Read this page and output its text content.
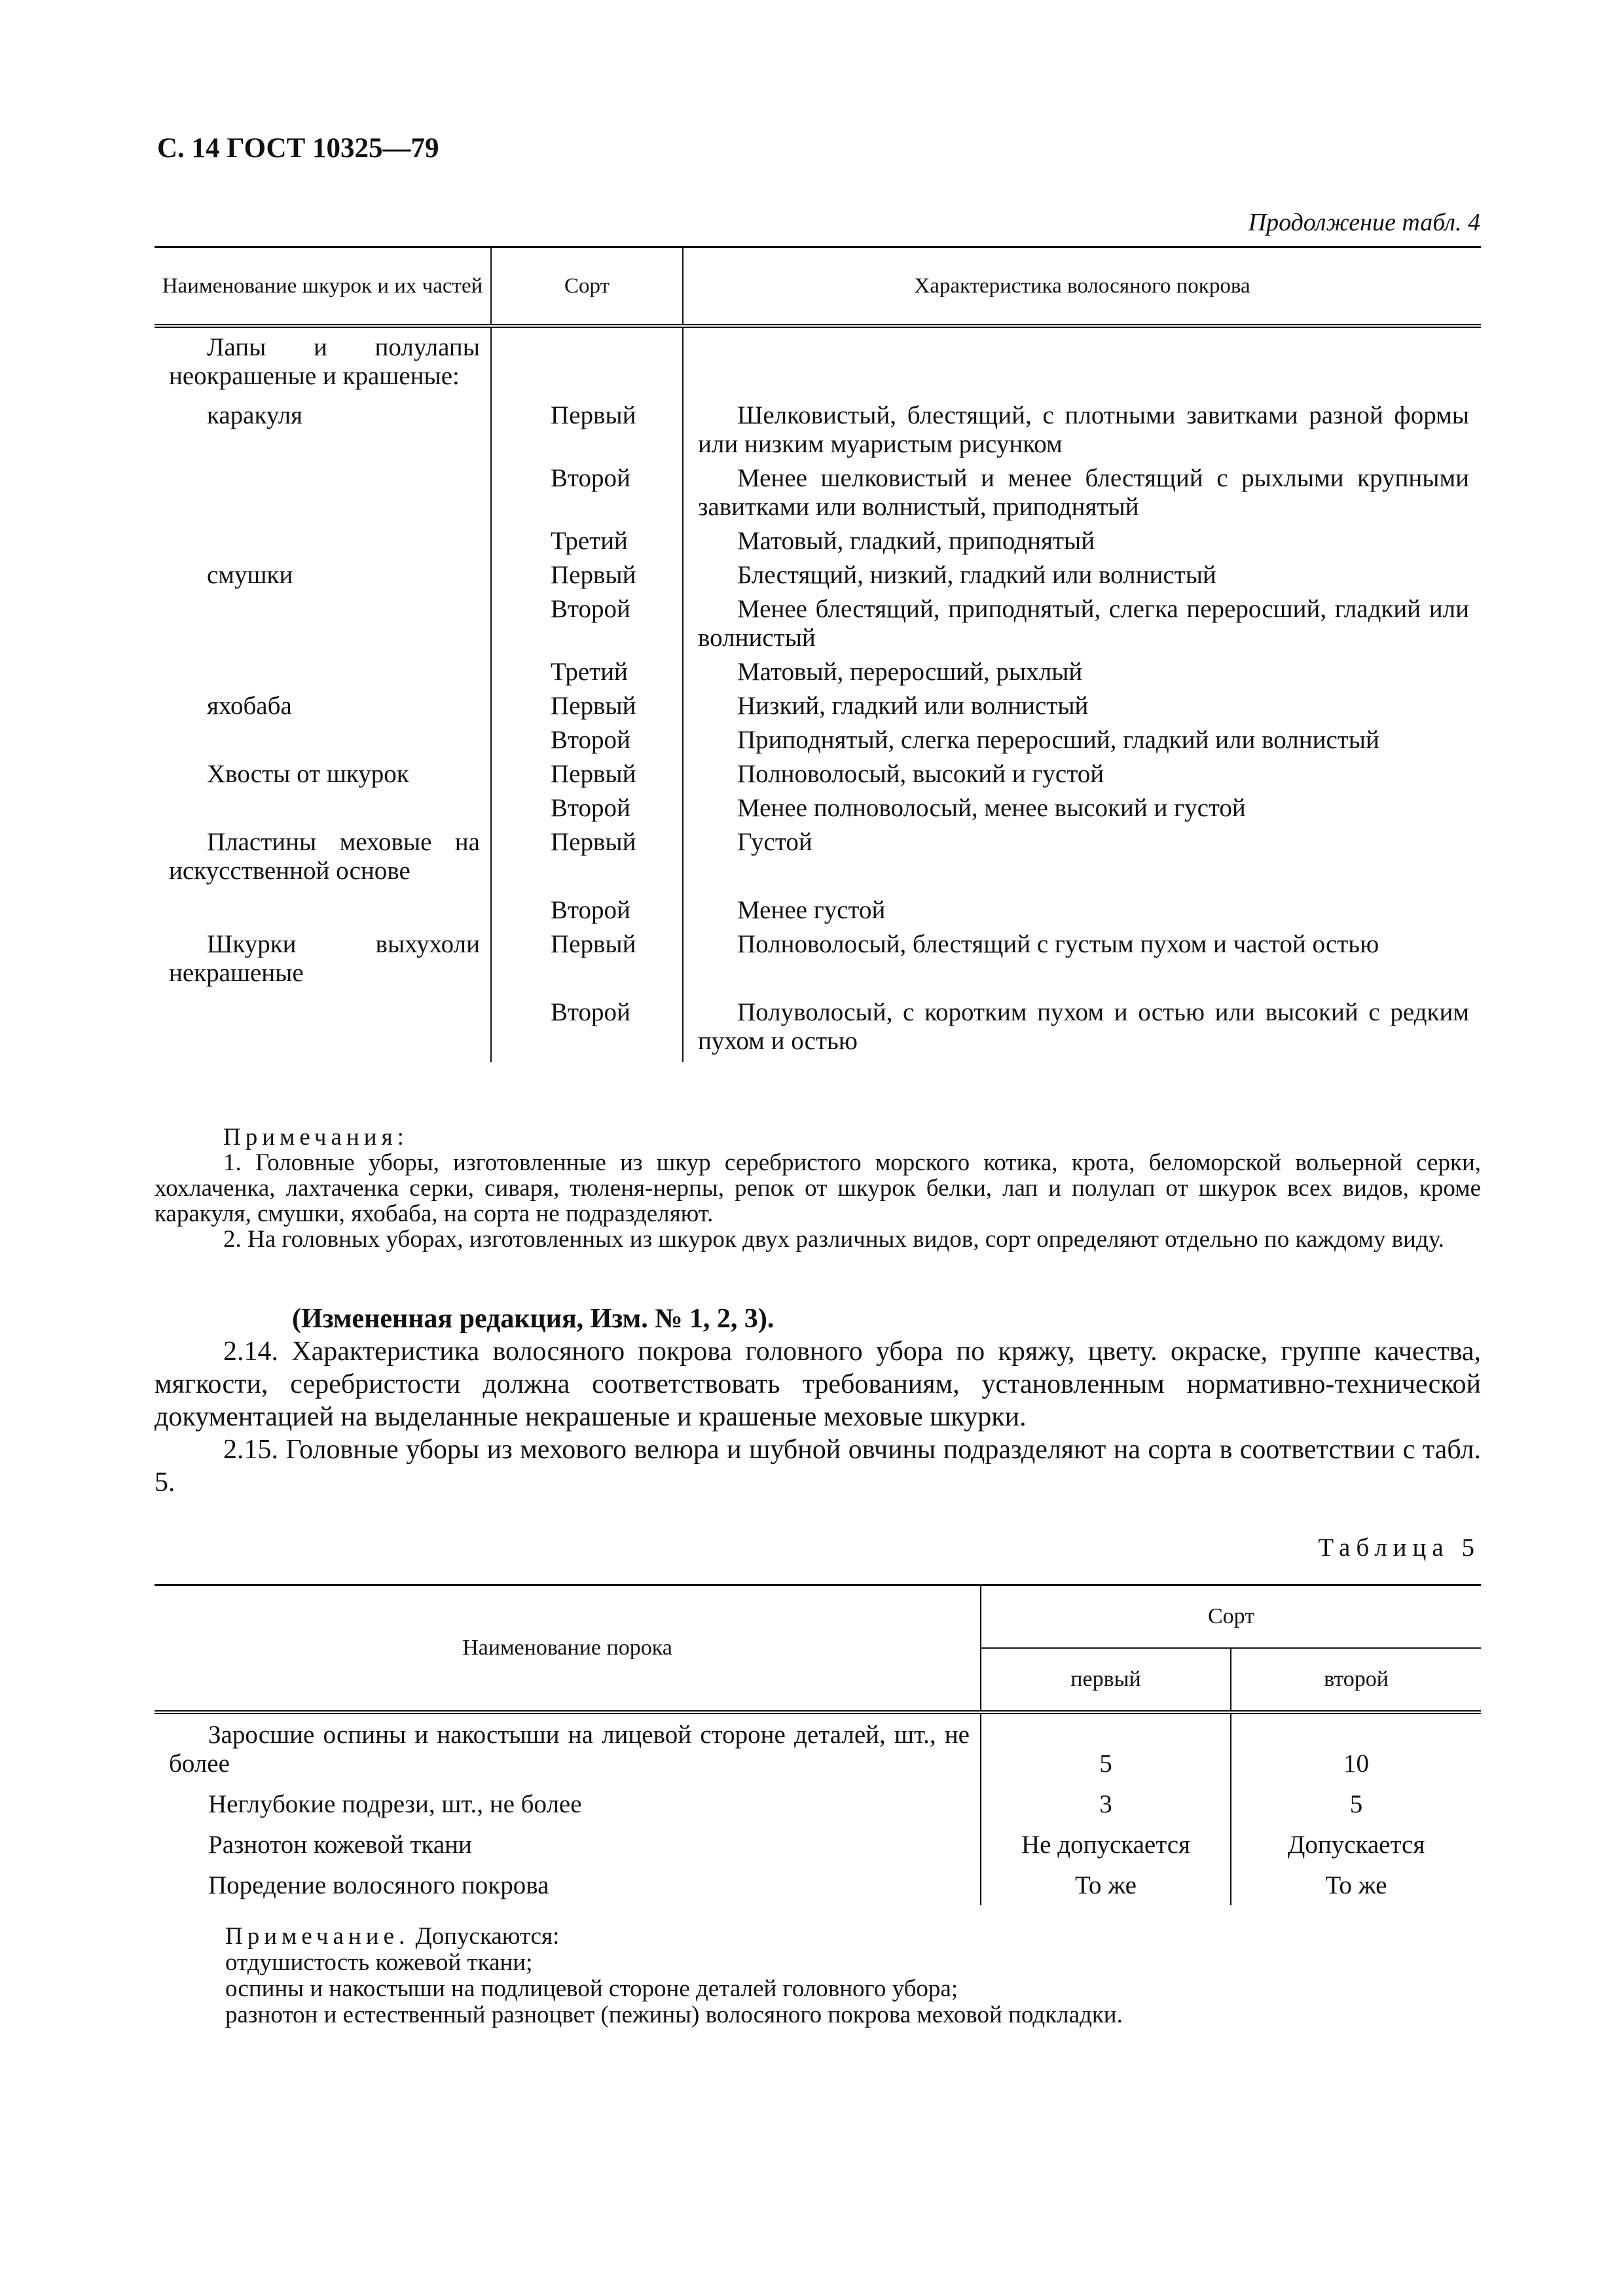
С. 14 ГОСТ 10325—79
Продолжение табл. 4
Наименование шкурок и их частей	Сорт	Характеристика волосяного покрова

Лапы и полулапы неокрашеные и крашеные:		

каракуля	Первый	Шелковистый, блестящий, с плотными завитками разной формы или низким муаристым рисунком
	Второй	Менее шелковистый и менее блестящий с рыхлыми крупными завитками или волнистый, приподнятый
	Третий	Матовый, гладкий, приподнятый
смушки	Первый	Блестящий, низкий, гладкий или волнистый
	Второй	Менее блестящий, приподнятый, слегка переросший, гладкий или волнистый
	Третий	Матовый, переросший, рыхлый
яхобаба	Первый	Низкий, гладкий или волнистый
	Второй	Приподнятый, слегка переросший, гладкий или волнистый
Хвосты от шкурок	Первый	Полноволосый, высокий и густой
	Второй	Менее полноволосый, менее высокий и густой

Пластины меховые на искусственной основе	Первый	Густой
	Второй	Менее густой

Шкурки выхухоли некрашеные	Первый	Полноволосый, блестящий с густым пухом и частой остью
	Второй	Полуволосый, с коротким пухом и остью или высокий с редким пухом и остью
Примечания:

1. Головные уборы, изготовленные из шкур серебристого морского котика, крота, беломорской вольерной серки, хохлаченка, лахтаченка серки, сиваря, тюленя-нерпы, репок от шкурок белки, лап и полулап от шкурок всех видов, кроме каракуля, смушки, яхобаба, на сорта не подразделяют.

2. На головных уборах, изготовленных из шкурок двух различных видов, сорт определяют отдельно по каждому виду.

(Измененная редакция, Изм. № 1, 2, 3).

2.14. Характеристика волосяного покрова головного убора по кряжу, цвету. окраске, группе качества, мягкости, серебристости должна соответствовать требованиям, установленным нормативно-технической документацией на выделанные некрашеные и крашеные меховые шкурки.

2.15. Головные уборы из мехового велюра и шубной овчины подразделяют на сорта в соответствии с табл. 5.

Таблица 5
Наименование порока	Сорт	
	первый	второй
Заросшие оспины и накостыши на лицевой стороне деталей, шт., не более	5	10
Неглубокие подрези, шт., не более	3	5
Разнотон кожевой ткани	Не допускается	Допускается
Поредение волосяного покрова	То же	То же

Примечание. Допускаются:

отдушистость кожевой ткани;

оспины и накостыши на подлицевой стороне деталей головного убора;

разнотон и естественный разноцвет (пежины) волосяного покрова меховой подкладки.
